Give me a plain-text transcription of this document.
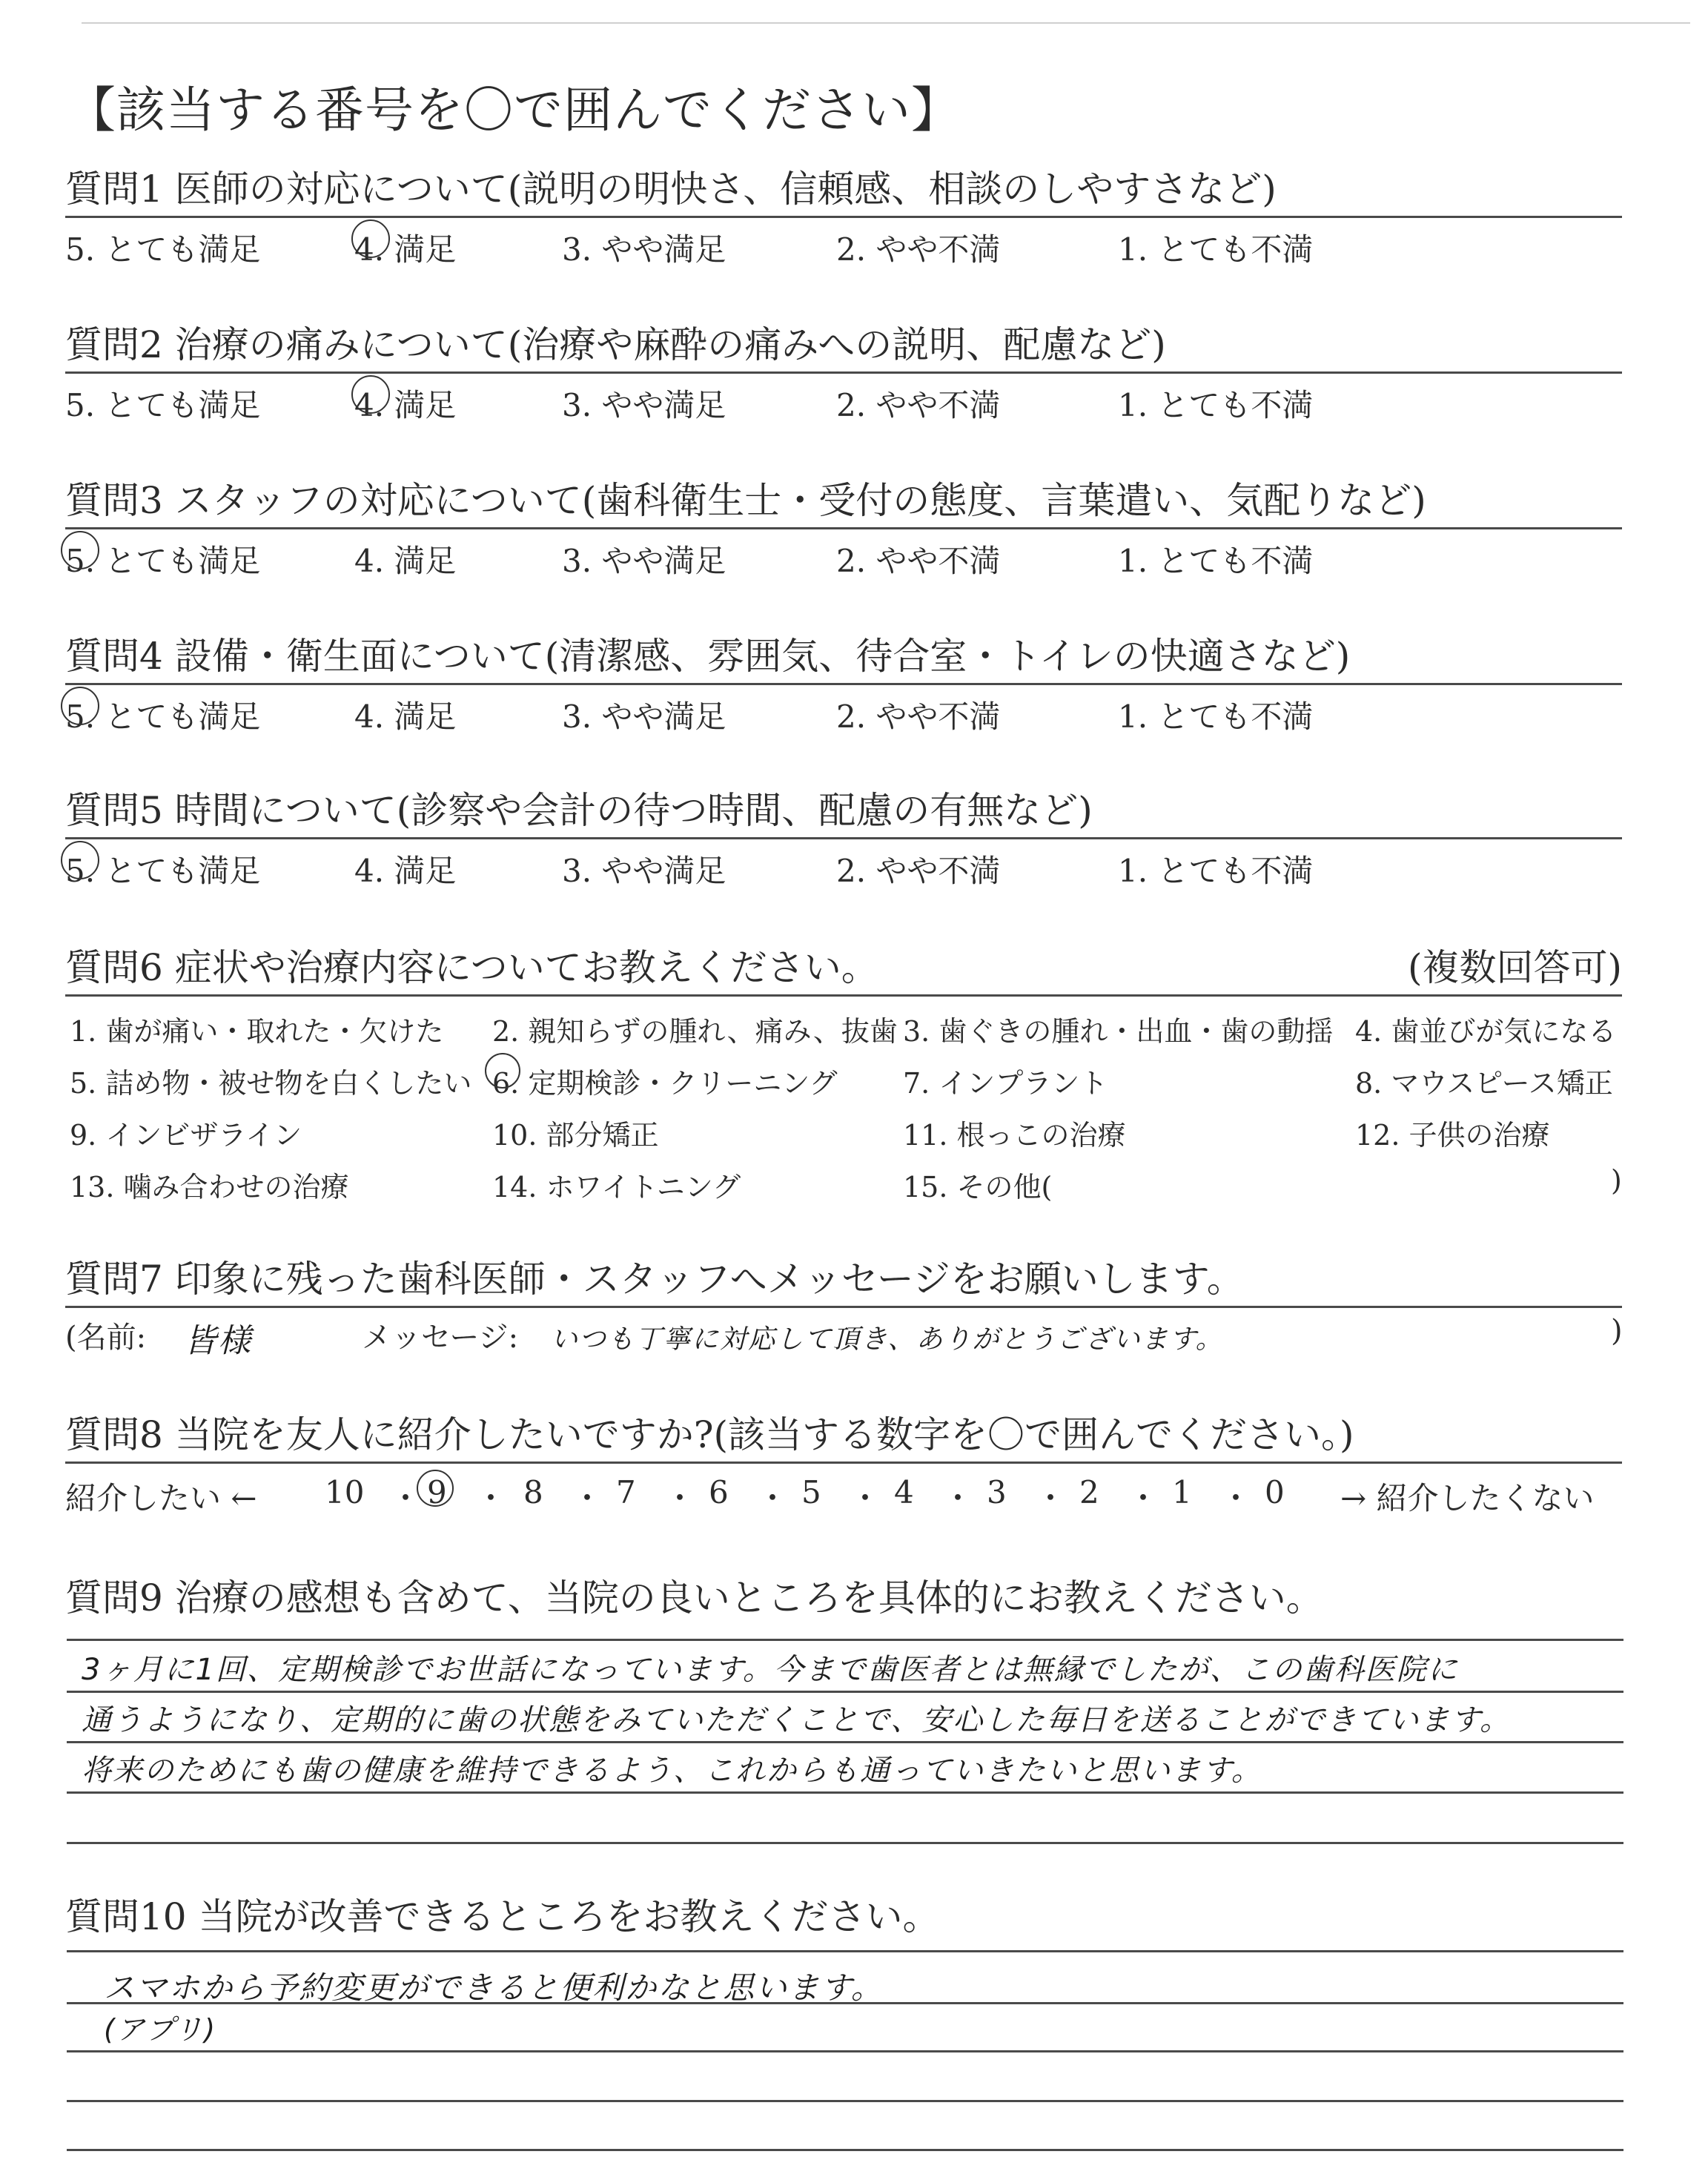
【該当する番号を〇で囲んでください】
質問1 医師の対応について(説明の明快さ、信頼感、相談のしやすさなど)
5. とても満足	4. 満足	3. やや満足	2. やや不満	1. とても不満
質問2 治療の痛みについて(治療や麻酔の痛みへの説明、配慮など)
5. とても満足	4. 満足	3. やや満足	2. やや不満	1. とても不満
質問3 スタッフの対応について(歯科衛生士・受付の態度、言葉遣い、気配りなど)
5. とても満足	4. 満足	3. やや満足	2. やや不満	1. とても不満
質問4 設備・衛生面について(清潔感、雰囲気、待合室・トイレの快適さなど)
5. とても満足	4. 満足	3. やや満足	2. やや不満	1. とても不満
質問5 時間について(診察や会計の待つ時間、配慮の有無など)
5. とても満足	4. 満足	3. やや満足	2. やや不満	1. とても不満
質問6 症状や治療内容についてお教えください。	(複数回答可)
1. 歯が痛い・取れた・欠けた 2. 親知らずの腫れ、痛み、抜歯 3. 歯ぐきの腫れ・出血・歯の動揺 4. 歯並びが気になる
5. 詰め物・被せ物を白くしたい 6. 定期検診・クリーニング 7. インプラント	8. マウスピース矯正
9. インビザライン	10. 部分矯正	11. 根っこの治療	12. 子供の治療
13. 噛み合わせの治療	14. ホワイトニング	15. その他(	)
質問7 印象に残った歯科医師・スタッフへメッセージをお願いします。
(名前: 皆様	メッセージ: いつも丁寧に対応して頂き、ありがとうございます。	)
質問8 当院を友人に紹介したいですか?(該当する数字を〇で囲んでください。)
紹介したい ← 10 ・ 9 ・ 8 ・ 7 ・ 6 ・ 5 ・ 4 ・ 3 ・ 2 ・ 1 ・ 0 → 紹介したくない
質問9 治療の感想も含めて、当院の良いところを具体的にお教えください。
3ヶ月に1回、定期検診でお世話になっています。今まで歯医者とは無縁でしたが、この歯科医院に
通うようになり、定期的に歯の状態をみていただくことで、安心した毎日を送ることができています。
将来のためにも歯の健康を維持できるよう、これからも通っていきたいと思います。
質問10 当院が改善できるところをお教えください。
スマホから予約変更ができると便利かなと思います。
(アプリ)
